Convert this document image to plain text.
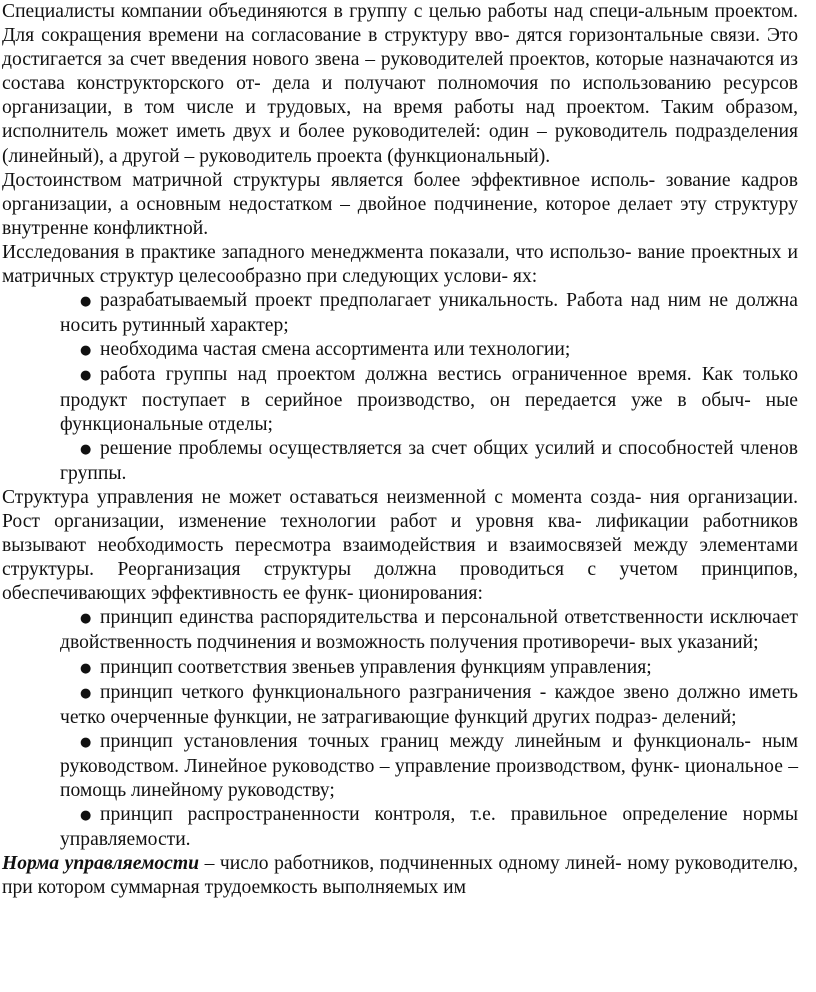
Специалисты компании объединяются в группу с целью работы над специ-альным проектом. Для сокращения времени на согласование в структуру вво- дятся горизонтальные связи. Это достигается за счет введения нового звена – руководителей проектов, которые назначаются из состава конструкторского от- дела и получают полномочия по использованию ресурсов организации, в том числе и трудовых, на время работы над проектом. Таким образом, исполнитель может иметь двух и более руководителей: один – руководитель подразделения (линейный), а другой – руководитель проекта (функциональный).

Достоинством матричной структуры является более эффективное исполь- зование кадров организации, а основным недостатком – двойное подчинение, которое делает эту структуру внутренне конфликтной.

Исследования в практике западного менеджмента показали, что использо- вание проектных и матричных структур целесообразно при следующих услови- ях:

● разрабатываемый проект предполагает уникальность. Работа над ним не должна носить рутинный характер;
● необходима частая смена ассортимента или технологии;
● работа группы над проектом должна вестись ограниченное время. Как только продукт поступает в серийное производство, он передается уже в обыч- ные функциональные отделы;
● решение проблемы осуществляется за счет общих усилий и способностей членов группы.

Структура управления не может оставаться неизменной с момента созда- ния организации. Рост организации, изменение технологии работ и уровня ква- лификации работников вызывают необходимость пересмотра взаимодействия и взаимосвязей между элементами структуры. Реорганизация структуры должна проводиться с учетом принципов, обеспечивающих эффективность ее функ- ционирования:

● принцип единства распорядительства и персональной ответственности исключает двойственность подчинения и возможность получения противоречи- вых указаний;
● принцип соответствия звеньев управления функциям управления;
● принцип четкого функционального разграничения - каждое звено должно иметь четко очерченные функции, не затрагивающие функций других подраз- делений;
● принцип установления точных границ между линейным и функциональ- ным руководством. Линейное руководство – управление производством, функ- циональное – помощь линейному руководству;
● принцип распространенности контроля, т.е. правильное определение нормы управляемости.

Норма управляемости – число работников, подчиненных одному линей- ному руководителю, при котором суммарная трудоемкость выполняемых им
